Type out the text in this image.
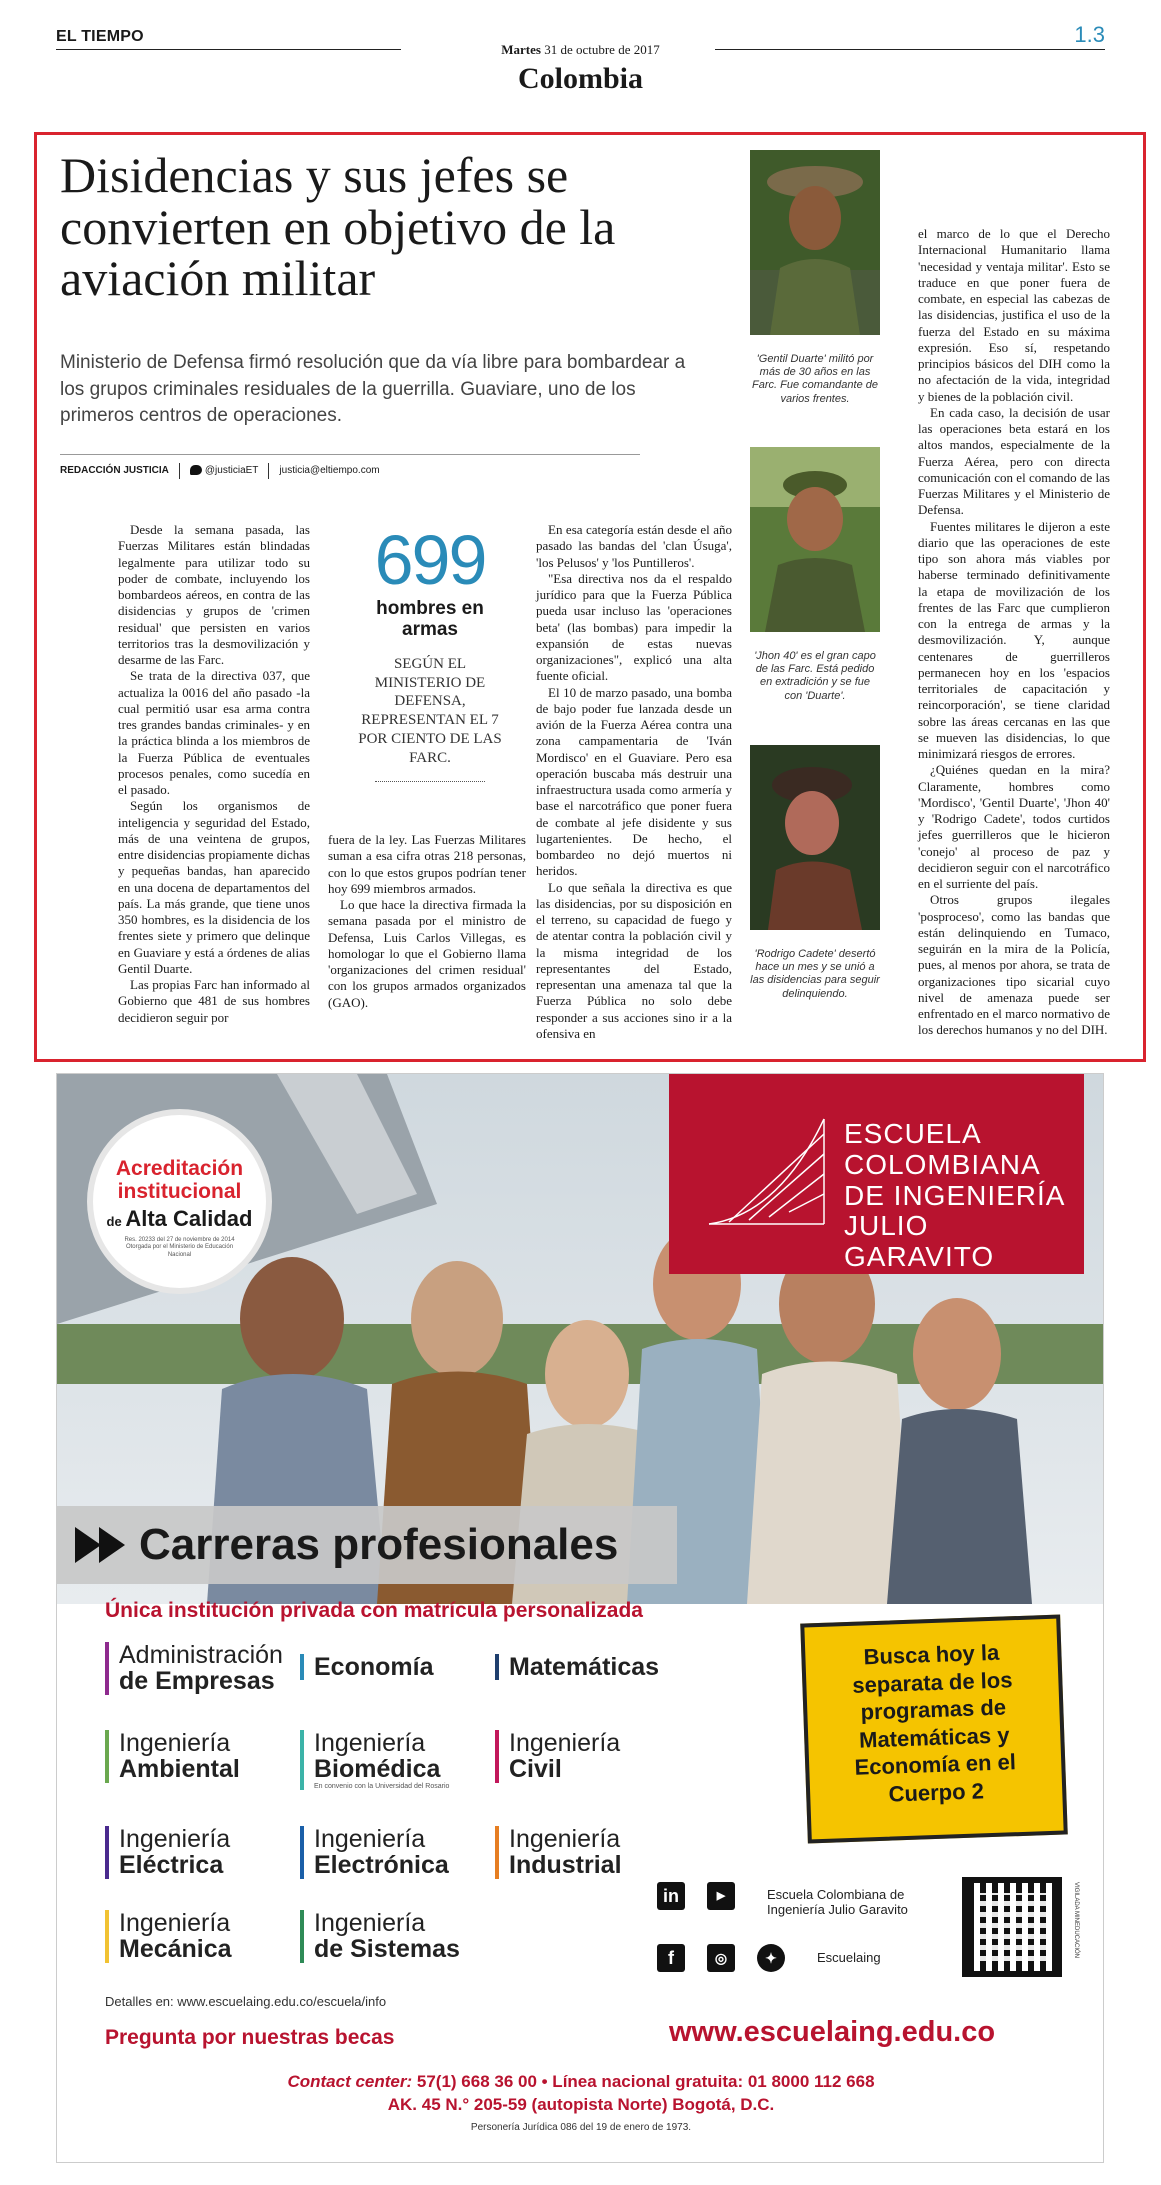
EL TIEMPO
Martes 31 de octubre de 2017
1.3
Colombia
Disidencias y sus jefes se convierten en objetivo de la aviación militar
Ministerio de Defensa firmó resolución que da vía libre para bombardear a los grupos criminales residuales de la guerrilla. Guaviare, uno de los primeros centros de operaciones.
REDACCIÓN JUSTICIA	@justiciaET justicia@eltiempo.com

Desde la semana pasada, las Fuerzas Militares están blindadas legalmente para utilizar todo su poder de combate, incluyendo los bombardeos aéreos, en contra de las disidencias y grupos de 'crimen residual' que persisten en varios territorios tras la desmovilización y desarme de las Farc.

Se trata de la directiva 037, que actualiza la 0016 del año pasado -la cual permitió usar esa arma contra tres grandes bandas criminales- y en la práctica blinda a los miembros de la Fuerza Pública de eventuales procesos penales, como sucedía en el pasado.

Según los organismos de inteligencia y seguridad del Estado, más de una veintena de grupos, entre disidencias propiamente dichas y pequeñas bandas, han aparecido en una docena de departamentos del país. La más grande, que tiene unos 350 hombres, es la disidencia de los frentes siete y primero que delinque en Guaviare y está a órdenes de alias Gentil Duarte.

Las propias Farc han informado al Gobierno que 481 de sus hombres decidieron seguir por

699
hombres en armas
SEGÚN EL MINISTERIO DE DEFENSA, REPRESENTAN EL 7 POR CIENTO DE LAS FARC.

fuera de la ley. Las Fuerzas Militares suman a esa cifra otras 218 personas, con lo que estos grupos podrían tener hoy 699 miembros armados.

Lo que hace la directiva firmada la semana pasada por el ministro de Defensa, Luis Carlos Villegas, es homologar lo que el Gobierno llama 'organizaciones del crimen residual' con los grupos armados organizados (GAO).

En esa categoría están desde el año pasado las bandas del 'clan Úsuga', 'los Pelusos' y 'los Puntilleros'.

"Esa directiva nos da el respaldo jurídico para que la Fuerza Pública pueda usar incluso las 'operaciones beta' (las bombas) para impedir la expansión de estas nuevas organizaciones", explicó una alta fuente oficial.

El 10 de marzo pasado, una bomba de bajo poder fue lanzada desde un avión de la Fuerza Aérea contra una zona campamentaria de 'Iván Mordisco' en el Guaviare. Pero esa operación buscaba más destruir una infraestructura usada como armería y base el narcotráfico que poner fuera de combate al jefe disidente y sus lugartenientes. De hecho, el bombardeo no dejó muertos ni heridos.

Lo que señala la directiva es que las disidencias, por su disposición en el terreno, su capacidad de fuego y de atentar contra la población civil y la misma integridad de los representantes del Estado, representan una amenaza tal que la Fuerza Pública no solo debe responder a sus acciones sino ir a la ofensiva en

'Gentil Duarte' militó por más de 30 años en las Farc. Fue comandante de varios frentes.
'Jhon 40' es el gran capo de las Farc. Está pedido en extradición y se fue con 'Duarte'.
'Rodrigo Cadete' desertó hace un mes y se unió a las disidencias para seguir delinquiendo.

el marco de lo que el Derecho Internacional Humanitario llama 'necesidad y ventaja militar'. Esto se traduce en que poner fuera de combate, en especial las cabezas de las disidencias, justifica el uso de la fuerza del Estado en su máxima expresión. Eso sí, respetando principios básicos del DIH como la no afectación de la vida, integridad y bienes de la población civil.

En cada caso, la decisión de usar las operaciones beta estará en los altos mandos, especialmente de la Fuerza Aérea, pero con directa comunicación con el comando de las Fuerzas Militares y el Ministerio de Defensa.

Fuentes militares le dijeron a este diario que las operaciones de este tipo son ahora más viables por haberse terminado definitivamente la etapa de movilización de los frentes de las Farc que cumplieron con la entrega de armas y la desmovilización. Y, aunque centenares de guerrilleros permanecen hoy en los 'espacios territoriales de capacitación y reincorporación', se tiene claridad sobre las áreas cercanas en las que se mueven las disidencias, lo que minimizará riesgos de errores.

¿Quiénes quedan en la mira? Claramente, hombres como 'Mordisco', 'Gentil Duarte', 'Jhon 40' y 'Rodrigo Cadete', todos curtidos jefes guerrilleros que le hicieron 'conejo' al proceso de paz y decidieron seguir con el narcotráfico en el surriente del país.

Otros grupos ilegales 'posproceso', como las bandas que están delinquiendo en Tumaco, seguirán en la mira de la Policía, pues, al menos por ahora, se trata de organizaciones tipo sicarial cuyo nivel de amenaza puede ser enfrentado en el marco normativo de los derechos humanos y no del DIH.

ESCUELA
COLOMBIANA
DE INGENIERÍA
JULIO GARAVITO
Acreditación institucional
de Alta Calidad
Res. 20233 del 27 de noviembre de 2014 Otorgada por el Ministerio de Educación Nacional
Carreras profesionales
Única institución privada con matrícula personalizada
Administración
de Empresas
Economía	Matemáticas
Ingeniería
Ambiental
Ingeniería
Biomédica
En convenio con la Universidad del Rosario
Ingeniería
Civil
Ingeniería
Eléctrica
Ingeniería
Electrónica
Ingeniería
Industrial
Ingeniería
Mecánica
Ingeniería
de Sistemas
Detalles en: www.escuelaing.edu.co/escuela/info
Pregunta por nuestras becas
Busca hoy la separata de los programas de Matemáticas y Economía en el Cuerpo 2
in	▶	Escuela Colombiana de Ingeniería Julio Garavito
f	◎	✦	Escuelaing	VIGILADA MINEDUCACIÓN
www.escuelaing.edu.co
Contact center: 57(1) 668 36 00 • Línea nacional gratuita: 01 8000 112 668
AK. 45 N.° 205-59 (autopista Norte) Bogotá, D.C.
Personería Jurídica 086 del 19 de enero de 1973.
